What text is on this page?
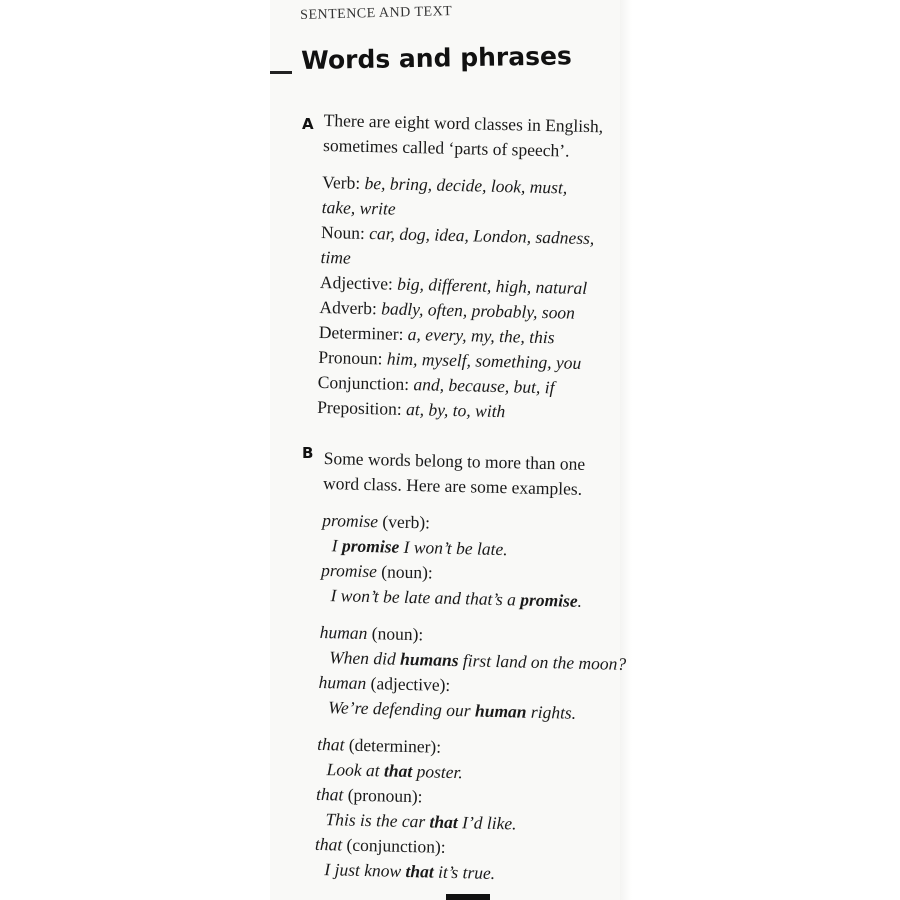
SENTENCE AND TEXT
Words and phrases
A There are eight word classes in English,
sometimes called ‘parts of speech’.
Verb: be, bring, decide, look, must,
take, write
Noun: car, dog, idea, London, sadness,
time
Adjective: big, different, high, natural
Adverb: badly, often, probably, soon
Determiner: a, every, my, the, this
Pronoun: him, myself, something, you
Conjunction: and, because, but, if
Preposition: at, by, to, with
B Some words belong to more than one
word class. Here are some examples.
promise (verb):
I promise I won’t be late.
promise (noun):
I won’t be late and that’s a promise.
human (noun):
When did humans first land on the moon?
human (adjective):
We’re defending our human rights.
that (determiner):
Look at that poster.
that (pronoun):
This is the car that I’d like.
that (conjunction):
I just know that it’s true.
